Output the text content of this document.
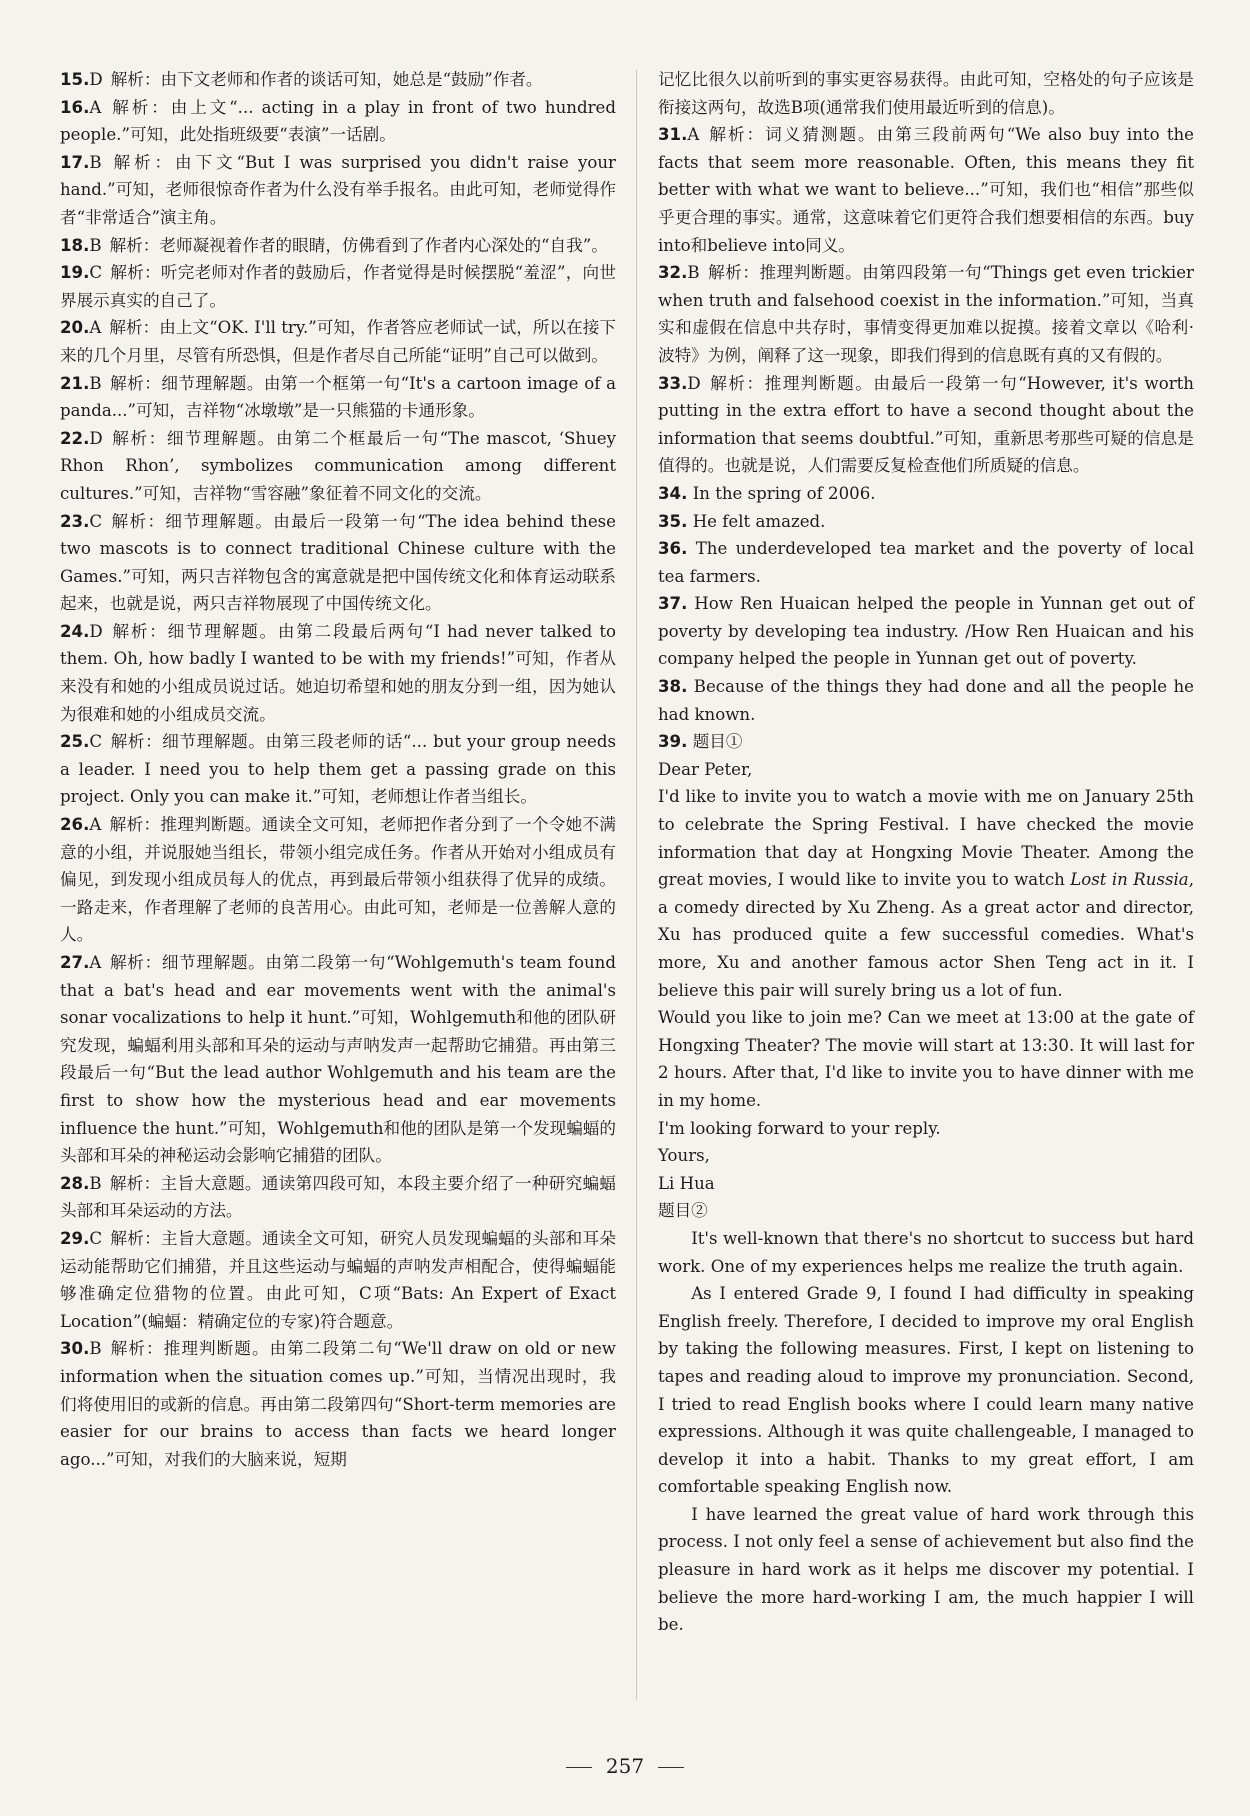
15.D 解析：由下文老师和作者的谈话可知，她总是“鼓励”作者。

16.A 解析：由上文“... acting in a play in front of two hundred people.”可知，此处指班级要“表演”一话剧。

17.B 解析：由下文“But I was surprised you didn't raise your hand.”可知，老师很惊奇作者为什么没有举手报名。由此可知，老师觉得作者“非常适合”演主角。

18.B 解析：老师凝视着作者的眼睛，仿佛看到了作者内心深处的“自我”。

19.C 解析：听完老师对作者的鼓励后，作者觉得是时候摆脱“羞涩”，向世界展示真实的自己了。

20.A 解析：由上文“OK. I'll try.”可知，作者答应老师试一试，所以在接下来的几个月里，尽管有所恐惧，但是作者尽自己所能“证明”自己可以做到。

21.B 解析：细节理解题。由第一个框第一句“It's a cartoon image of a panda...”可知，吉祥物“冰墩墩”是一只熊猫的卡通形象。

22.D 解析：细节理解题。由第二个框最后一句“The mascot, ‘Shuey Rhon Rhon’, symbolizes communication among different cultures.”可知，吉祥物“雪容融”象征着不同文化的交流。

23.C 解析：细节理解题。由最后一段第一句“The idea behind these two mascots is to connect traditional Chinese culture with the Games.”可知，两只吉祥物包含的寓意就是把中国传统文化和体育运动联系起来，也就是说，两只吉祥物展现了中国传统文化。

24.D 解析：细节理解题。由第二段最后两句“I had never talked to them. Oh, how badly I wanted to be with my friends!”可知，作者从来没有和她的小组成员说过话。她迫切希望和她的朋友分到一组，因为她认为很难和她的小组成员交流。

25.C 解析：细节理解题。由第三段老师的话“... but your group needs a leader. I need you to help them get a passing grade on this project. Only you can make it.”可知，老师想让作者当组长。

26.A 解析：推理判断题。通读全文可知，老师把作者分到了一个令她不满意的小组，并说服她当组长，带领小组完成任务。作者从开始对小组成员有偏见，到发现小组成员每人的优点，再到最后带领小组获得了优异的成绩。一路走来，作者理解了老师的良苦用心。由此可知，老师是一位善解人意的人。

27.A 解析：细节理解题。由第二段第一句“Wohlgemuth's team found that a bat's head and ear movements went with the animal's sonar vocalizations to help it hunt.”可知，Wohlgemuth和他的团队研究发现，蝙蝠利用头部和耳朵的运动与声呐发声一起帮助它捕猎。再由第三段最后一句“But the lead author Wohlgemuth and his team are the first to show how the mysterious head and ear movements influence the hunt.”可知，Wohlgemuth和他的团队是第一个发现蝙蝠的头部和耳朵的神秘运动会影响它捕猎的团队。

28.B 解析：主旨大意题。通读第四段可知，本段主要介绍了一种研究蝙蝠头部和耳朵运动的方法。

29.C 解析：主旨大意题。通读全文可知，研究人员发现蝙蝠的头部和耳朵运动能帮助它们捕猎，并且这些运动与蝙蝠的声呐发声相配合，使得蝙蝠能够准确定位猎物的位置。由此可知，C项“Bats: An Expert of Exact Location”(蝙蝠：精确定位的专家)符合题意。

30.B 解析：推理判断题。由第二段第二句“We'll draw on old or new information when the situation comes up.”可知，当情况出现时，我们将使用旧的或新的信息。再由第二段第四句“Short-term memories are easier for our brains to access than facts we heard longer ago...”可知，对我们的大脑来说，短期

记忆比很久以前听到的事实更容易获得。由此可知，空格处的句子应该是衔接这两句，故选B项(通常我们使用最近听到的信息)。

31.A 解析：词义猜测题。由第三段前两句“We also buy into the facts that seem more reasonable. Often, this means they fit better with what we want to believe...”可知，我们也“相信”那些似乎更合理的事实。通常，这意味着它们更符合我们想要相信的东西。buy into和believe into同义。

32.B 解析：推理判断题。由第四段第一句“Things get even trickier when truth and falsehood coexist in the information.”可知，当真实和虚假在信息中共存时，事情变得更加难以捉摸。接着文章以《哈利·波特》为例，阐释了这一现象，即我们得到的信息既有真的又有假的。

33.D 解析：推理判断题。由最后一段第一句“However, it's worth putting in the extra effort to have a second thought about the information that seems doubtful.”可知，重新思考那些可疑的信息是值得的。也就是说，人们需要反复检查他们所质疑的信息。

34. In the spring of 2006.

35. He felt amazed.

36. The underdeveloped tea market and the poverty of local tea farmers.

37. How Ren Huaican helped the people in Yunnan get out of poverty by developing tea industry. /How Ren Huaican and his company helped the people in Yunnan get out of poverty.

38. Because of the things they had done and all the people he had known.

39. 题目①
Dear Peter,
I'd like to invite you to watch a movie with me on January 25th to celebrate the Spring Festival. I have checked the movie information that day at Hongxing Movie Theater. Among the great movies, I would like to invite you to watch Lost in Russia, a comedy directed by Xu Zheng. As a great actor and director, Xu has produced quite a few successful comedies. What's more, Xu and another famous actor Shen Teng act in it. I believe this pair will surely bring us a lot of fun.
Would you like to join me? Can we meet at 13:00 at the gate of Hongxing Theater? The movie will start at 13:30. It will last for 2 hours. After that, I'd like to invite you to have dinner with me in my home.
I'm looking forward to your reply.
Yours,
Li Hua
题目②

It's well-known that there's no shortcut to success but hard work. One of my experiences helps me realize the truth again.

As I entered Grade 9, I found I had difficulty in speaking English freely. Therefore, I decided to improve my oral English by taking the following measures. First, I kept on listening to tapes and reading aloud to improve my pronunciation. Second, I tried to read English books where I could learn many native expressions. Although it was quite challengeable, I managed to develop it into a habit. Thanks to my great effort, I am comfortable speaking English now.

I have learned the great value of hard work through this process. I not only feel a sense of achievement but also find the pleasure in hard work as it helps me discover my potential. I believe the more hard-working I am, the much happier I will be.

257
